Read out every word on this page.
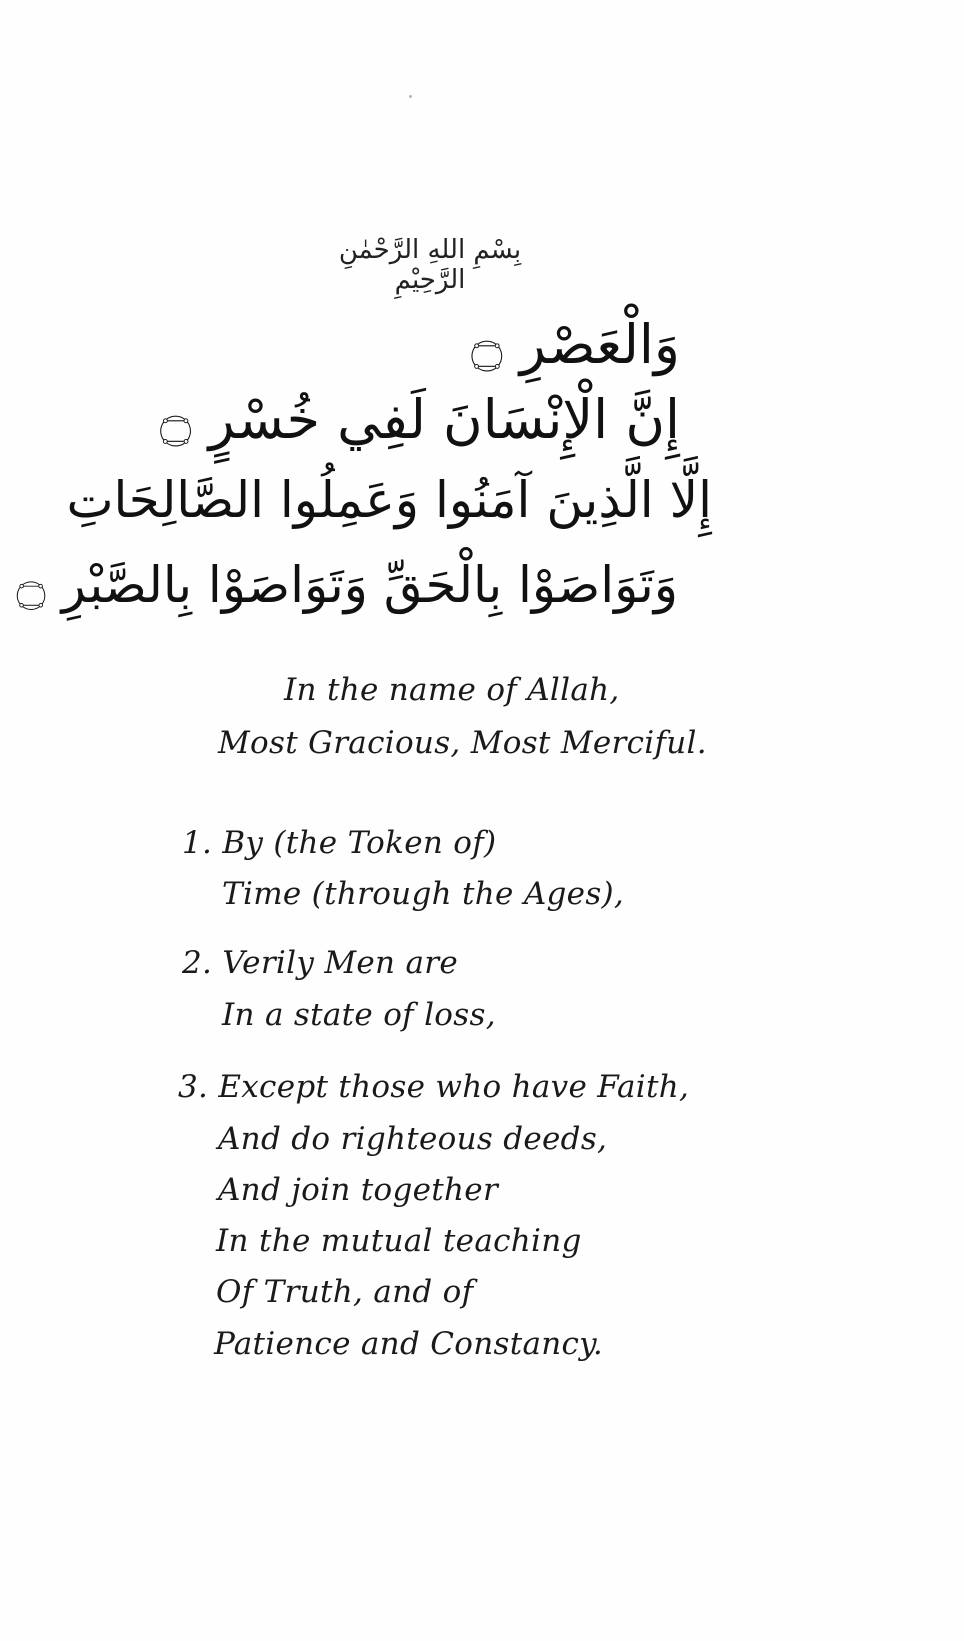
بِسْمِ اللهِ الرَّحْمٰنِ الرَّحِيْمِ
وَالْعَصْرِ ۝
إِنَّ الْإِنْسَانَ لَفِي خُسْرٍ ۝
إِلَّا الَّذِينَ آمَنُوا وَعَمِلُوا الصَّالِحَاتِ
وَتَوَاصَوْا بِالْحَقِّ وَتَوَاصَوْا بِالصَّبْرِ ۝
In the name of Allah,
Most Gracious, Most Merciful.
1. By (the Token of)
Time (through the Ages),
2. Verily Men are
In a state of loss,
3. Except those who have Faith,
And do righteous deeds,
And join together
In the mutual teaching
Of Truth, and of
Patience and Constancy.
